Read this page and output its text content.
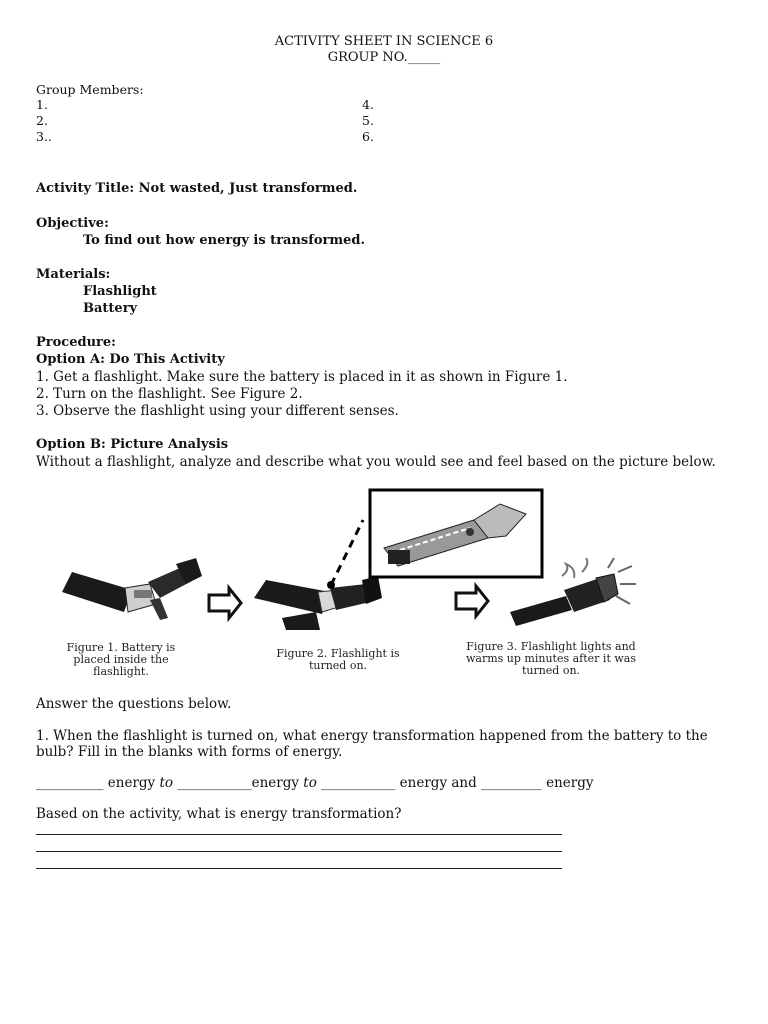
ACTIVITY SHEET IN SCIENCE 6
GROUP NO._____
Group Members:
1.
2.
3..
4.
5.
6.
Activity Title: Not wasted, Just transformed.
Objective:
To find out how energy is transformed.
Materials:
Flashlight
Battery
Procedure:
Option A: Do This Activity
1. Get a flashlight. Make sure the battery is placed in it as shown in Figure 1.
2. Turn on the flashlight. See Figure 2.
3. Observe the flashlight using your different senses.
Option B: Picture Analysis
Without a flashlight, analyze and describe what you would see and feel based on the picture below.
Figure 1. Battery is placed inside the flashlight.
Figure 2. Flashlight is turned on.
Figure 3. Flashlight lights and warms up minutes after it was turned on.
Answer the questions below.
1. When the flashlight is turned on, what energy transformation happened from the battery to the
bulb? Fill in the blanks with forms of energy.
__________ energy to ___________energy to ___________ energy and _________ energy
Based on the activity, what is energy transformation?
